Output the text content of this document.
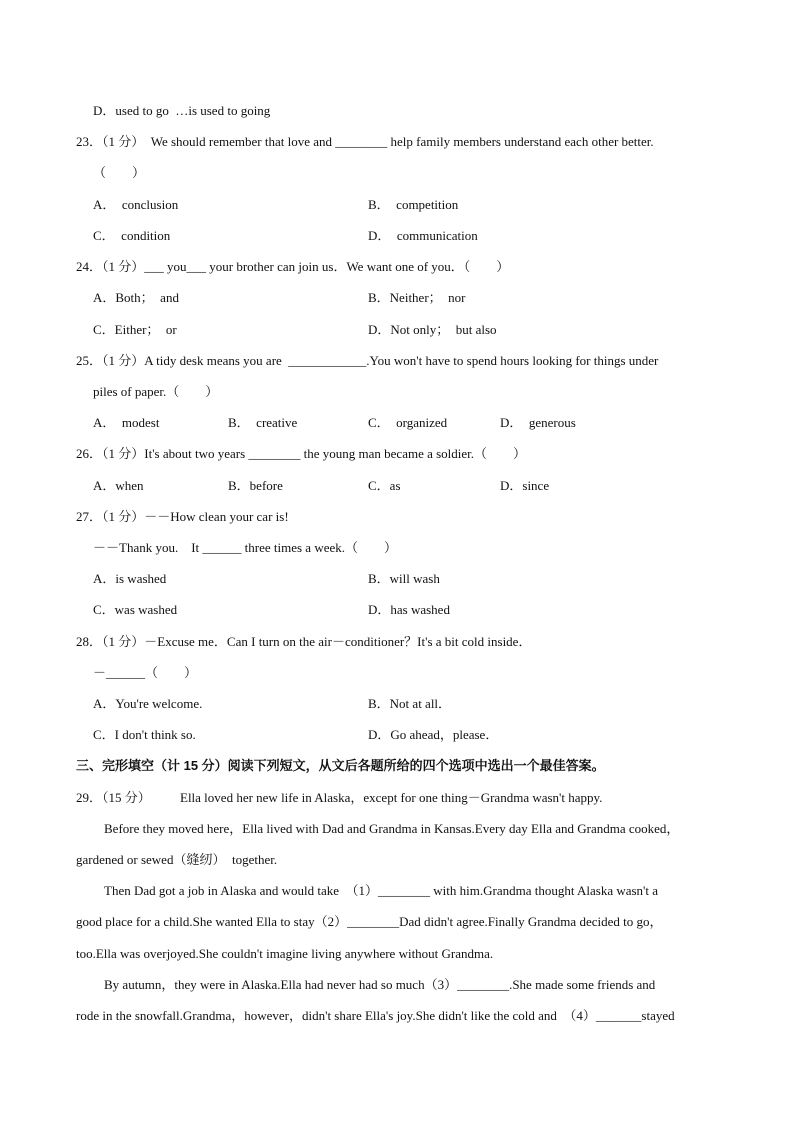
D．used to go  …is used to going
23．（1 分）  We should remember that love and ________ help family members understand each other better.
（        ）
A．  conclusion	B．  competition
C．  condition	D．  communication
24．（1 分）___ you___ your brother can join us．We want one of you．（        ）
A．Both；  and	B．Neither；  nor
C．Either；  or	D．Not only；  but also
25．（1 分）A tidy desk means you are  ____________.You won't have to spend hours looking for things under
piles of paper.（        ）
A．  modest	B．  creative	C．  organized	D．  generous
26．（1 分）It's about two years ________ the young man became a soldier.（        ）
A．when	B．before	C．as	D．since
27．（1 分）－－How clean your car is!
－－Thank you.    It ______ three times a week.（        ）
A．is washed	B．will wash
C．was washed	D．has washed
28．（1 分）－Excuse me．Can I turn on the air－conditioner？It's a bit cold inside．
－______（        ）
A．You're welcome.	B．Not at all．
C．I don't think so.	D．Go ahead，please．
三、完形填空（计 15 分）阅读下列短文，从文后各题所给的四个选项中选出一个最佳答案。
29．（15 分）         Ella loved her new life in Alaska，except for one thing－Grandma wasn't happy.
Before they moved here，Ella lived with Dad and Grandma in Kansas.Every day Ella and Grandma cooked，
gardened or sewed（缝纫）  together.
Then Dad got a job in Alaska and would take  （1）________ with him.Grandma thought Alaska wasn't a
good place for a child.She wanted Ella to stay（2）________Dad didn't agree.Finally Grandma decided to go，
too.Ella was overjoyed.She couldn't imagine living anywhere without Grandma.
By autumn，they were in Alaska.Ella had never had so much（3）________.She made some friends and
rode in the snowfall.Grandma，however，didn't share Ella's joy.She didn't like the cold and  （4）_______stayed
